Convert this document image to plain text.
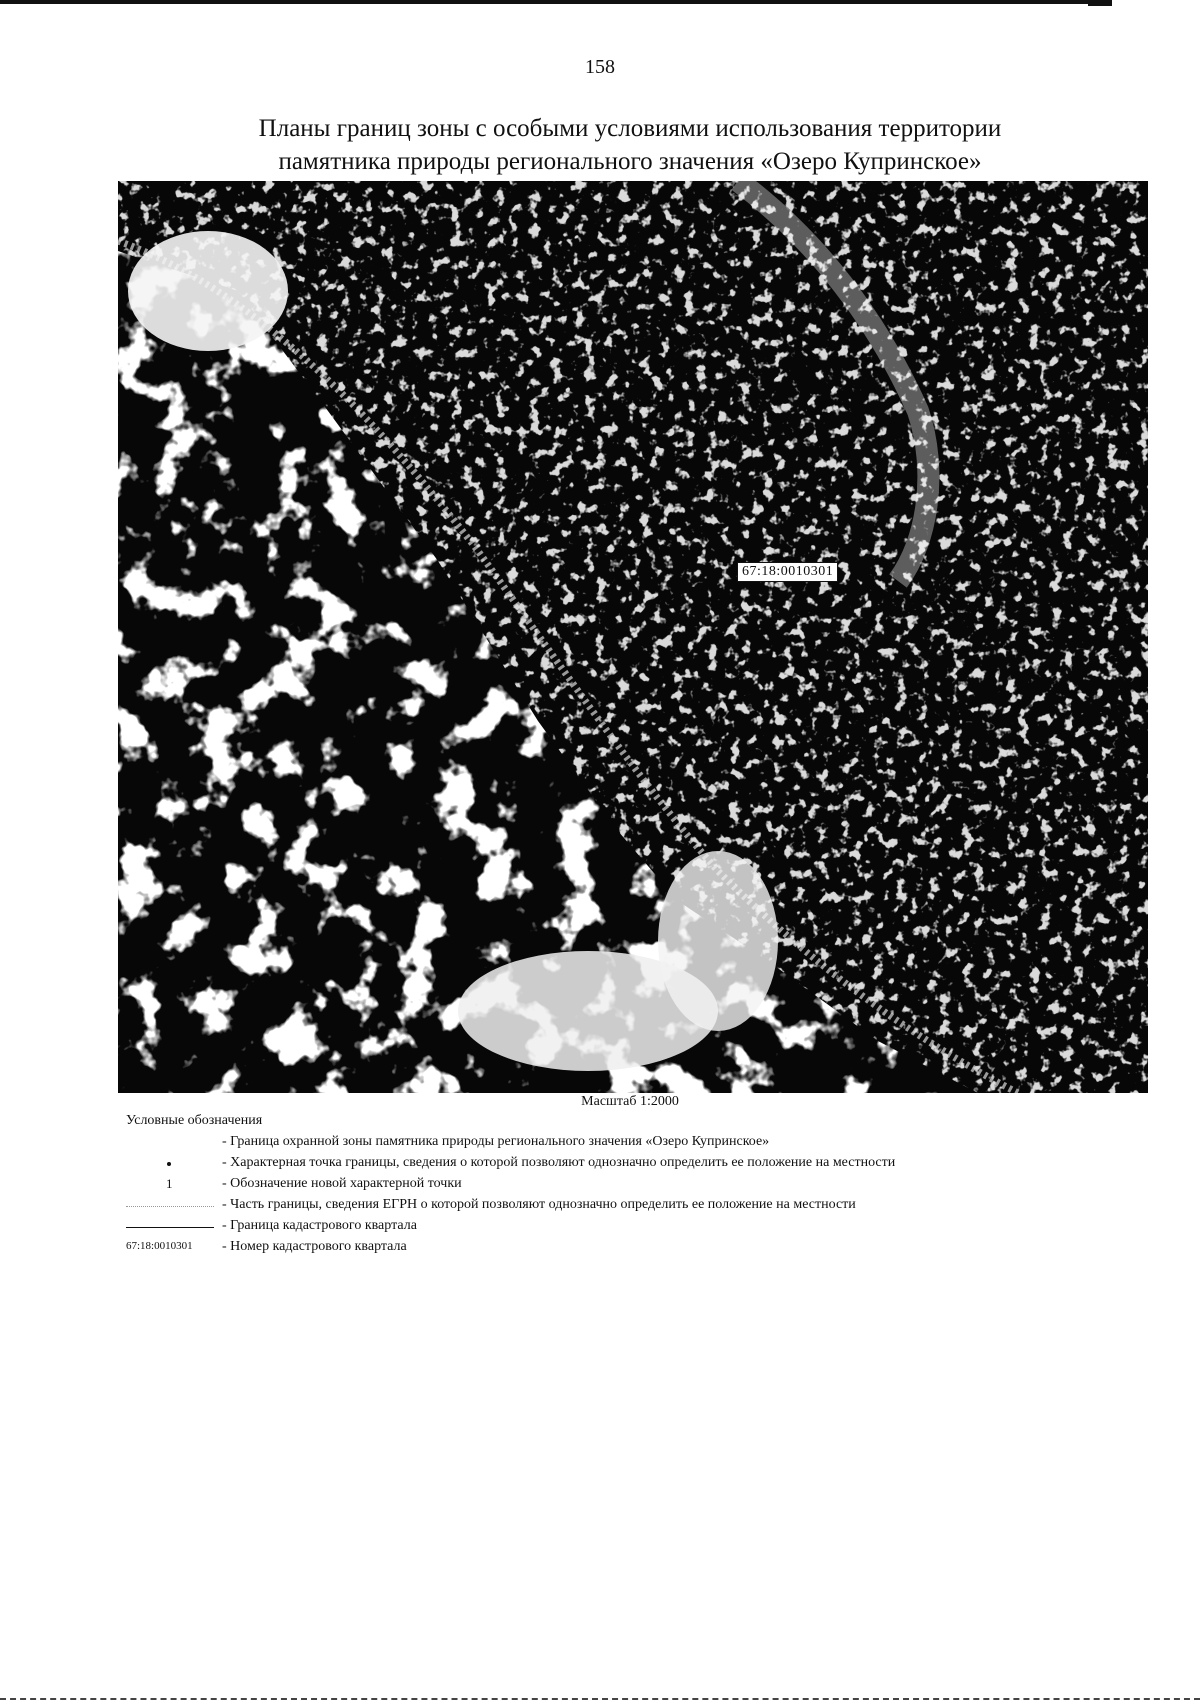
158
Планы границ зоны с особыми условиями использования территории
памятника природы регионального значения «Озеро Купринское»
67:18:0010301
Масштаб 1:2000
Условные обозначения
- Граница охранной зоны памятника природы регионального значения «Озеро Купринское»
- Характерная точка границы, сведения о которой позволяют однозначно определить ее положение на местности
1	- Обозначение новой характерной точки
- Часть границы, сведения ЕГРН о которой позволяют однозначно определить ее положение на местности
- Граница кадастрового квартала
67:18:0010301 - Номер кадастрового квартала
